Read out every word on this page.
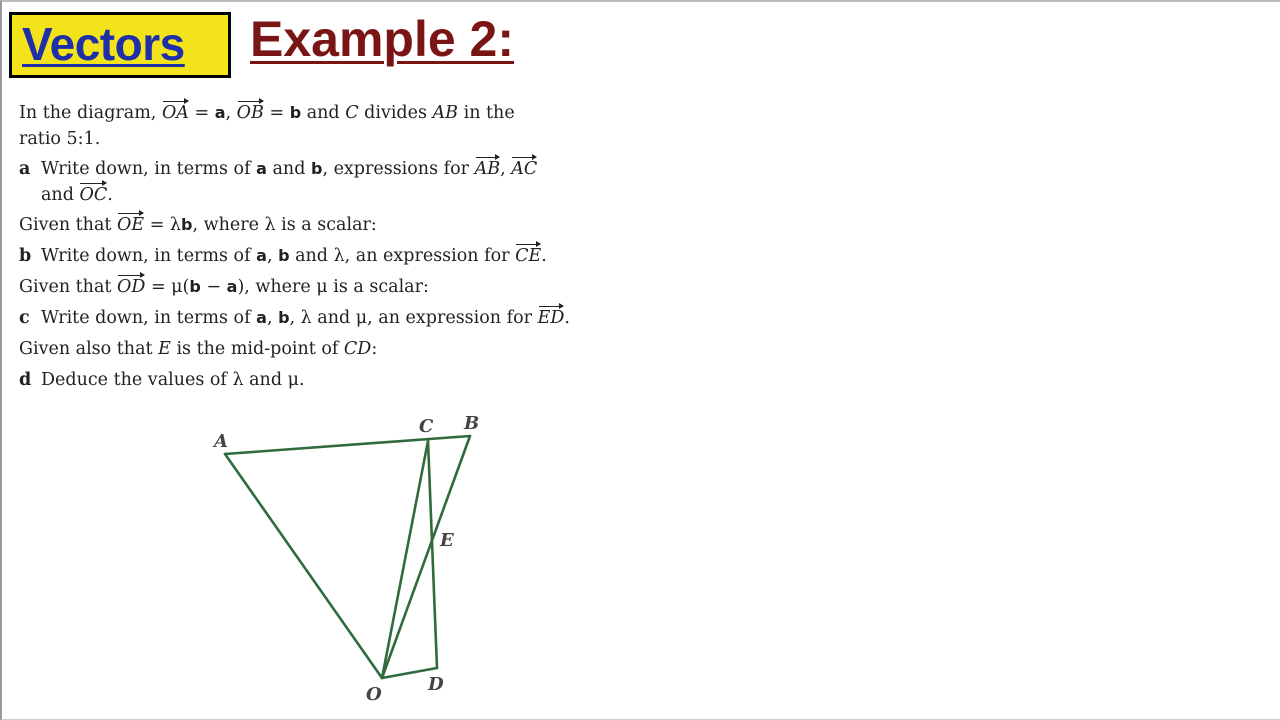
Vectors Example 2:
In the diagram, OA = a, OB = b and C divides AB in the
ratio 5:1.
a Write down, in terms of a and b, expressions for AB, AC
and OC.
Given that OE = λb, where λ is a scalar:
b Write down, in terms of a, b and λ, an expression for CE.
Given that OD = μ(b − a), where μ is a scalar:
c Write down, in terms of a, b, λ and μ, an expression for ED.
Given also that E is the mid-point of CD:
d Deduce the values of λ and μ.
A
C B
E
O	D
